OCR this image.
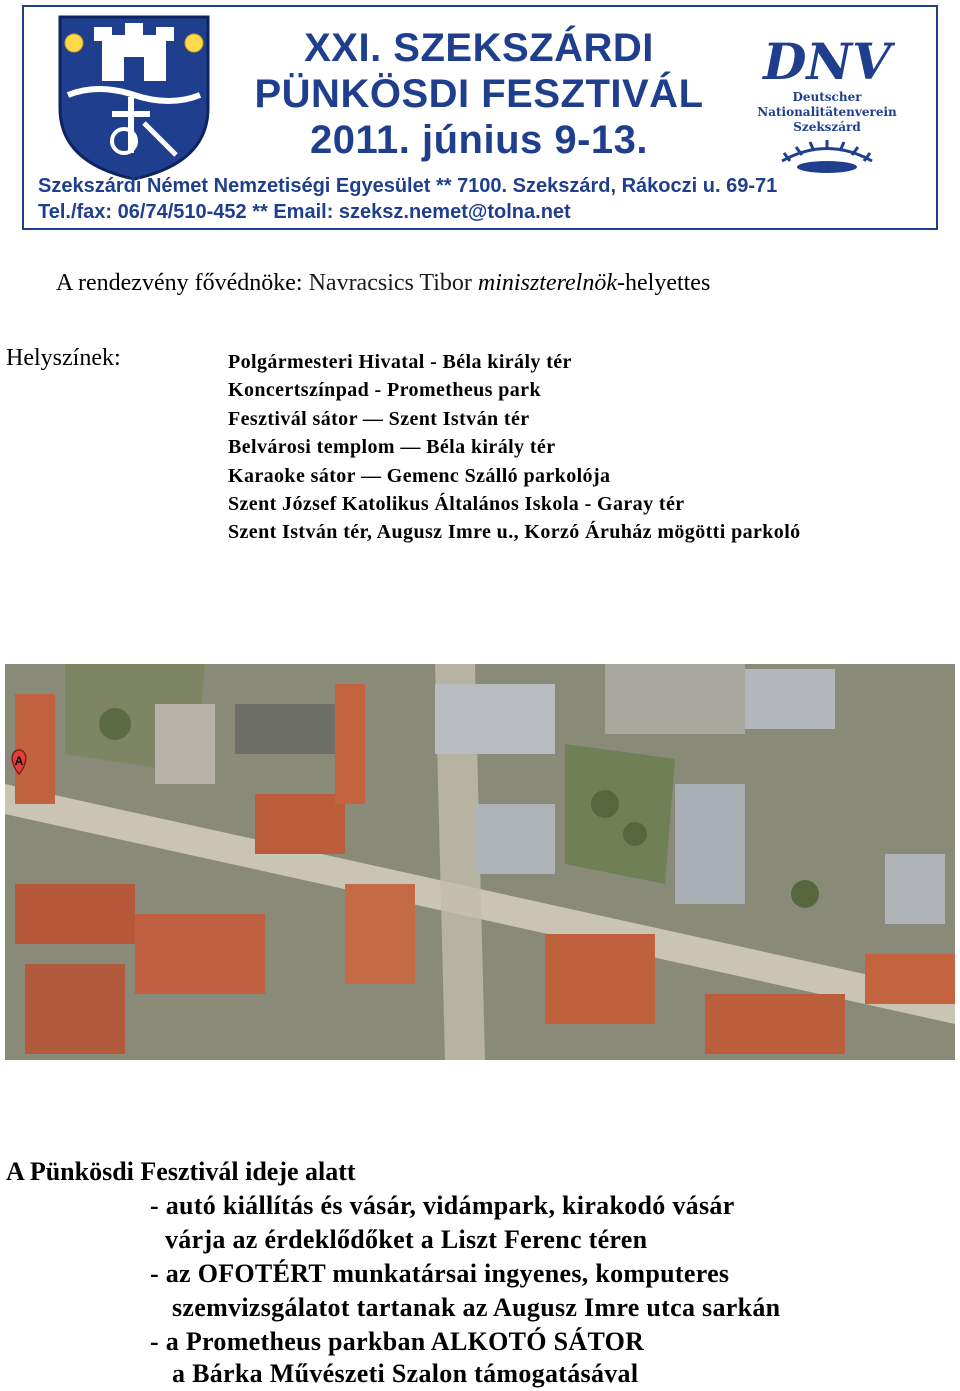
XXI. SZEKSZÁRDI
PÜNKÖSDI FESZTIVÁL
2011. június 9-13.
DNV
Deutscher
Nationalitätenverein
Szekszárd
Szekszárdi Német Nemzetiségi Egyesület ** 7100. Szekszárd, Rákoczi u. 69-71
Tel./fax: 06/74/510-452 ** Email: szeksz.nemet@tolna.net
A rendezvény fővédnöke: Navracsics Tibor miniszterelnök-helyettes
Helyszínek:	Polgármesteri Hivatal - Béla király tér
Koncertszínpad - Prometheus park
Fesztivál sátor — Szent István tér
Belvárosi templom — Béla király tér
Karaoke sátor — Gemenc Szálló parkolója
Szent József Katolikus Általános Iskola - Garay tér
Szent István tér, Augusz Imre u., Korzó Áruház mögötti parkoló
A
A Pünkösdi Fesztivál ideje alatt
- autó kiállítás és vásár, vidámpark, kirakodó vásár
várja az érdeklődőket a Liszt Ferenc téren
- az OFOTÉRT munkatársai ingyenes, komputeres
szemvizsgálatot tartanak az Augusz Imre utca sarkán
- a Prometheus parkban ALKOTÓ SÁTOR
a Bárka Művészeti Szalon támogatásával
